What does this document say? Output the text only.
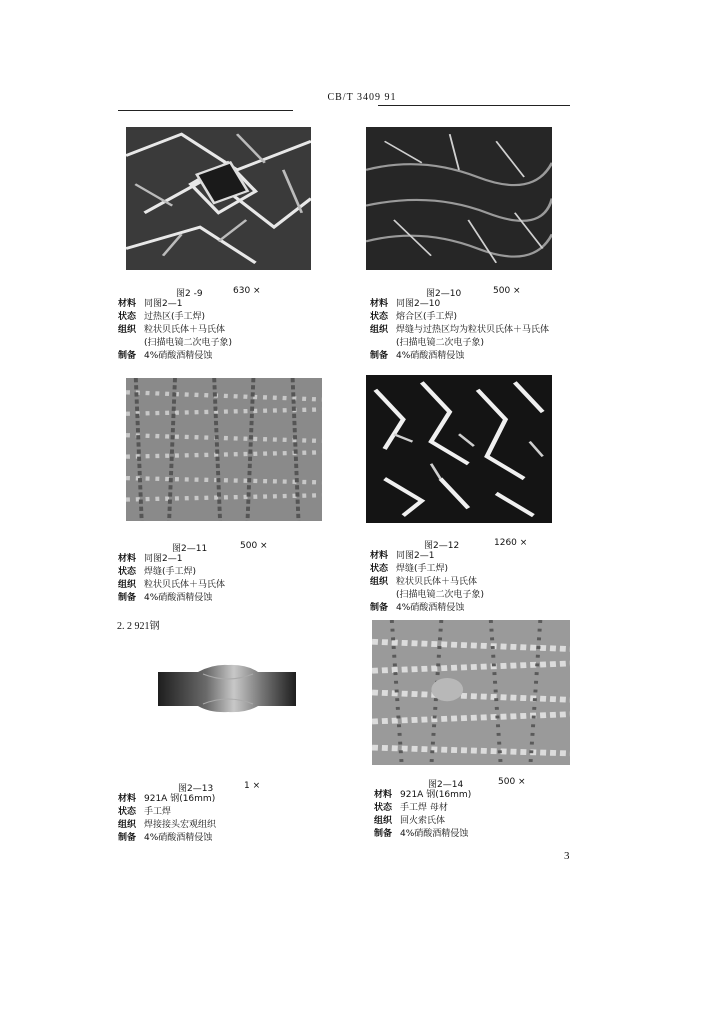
CB/T 3409 91
图2 -9	630 ×
材料 同图2—1
状态 过热区(手工焊)
组织 粒状贝氏体＋马氏体
(扫描电镜二次电子象)
制备 4%硝酸酒精侵蚀
图2—10	500 ×
材料 同图2—10
状态 熔合区(手工焊)
组织 焊缝与过热区均为粒状贝氏体＋马氏体
(扫描电镜二次电子象)
制备 4%硝酸酒精侵蚀
图2—11	500 ×
材料 同图2—1
状态 焊缝(手工焊)
组织 粒状贝氏体＋马氏体
制备 4%硝酸酒精侵蚀
图2—12	1260 ×
材料 同图2—1
状态 焊缝(手工焊)
组织 粒状贝氏体＋马氏体
(扫描电镜二次电子象)
制备 4%硝酸酒精侵蚀
2. 2 921钢
图2—13	1 ×
材料 921A 钢(16mm)
状态 手工焊
组织 焊接接头宏观组织
制备 4%硝酸酒精侵蚀
图2—14	500 ×
材料 921A 钢(16mm)
状态 手工焊 母材
组织 回火索氏体
制备 4%硝酸酒精侵蚀
3
